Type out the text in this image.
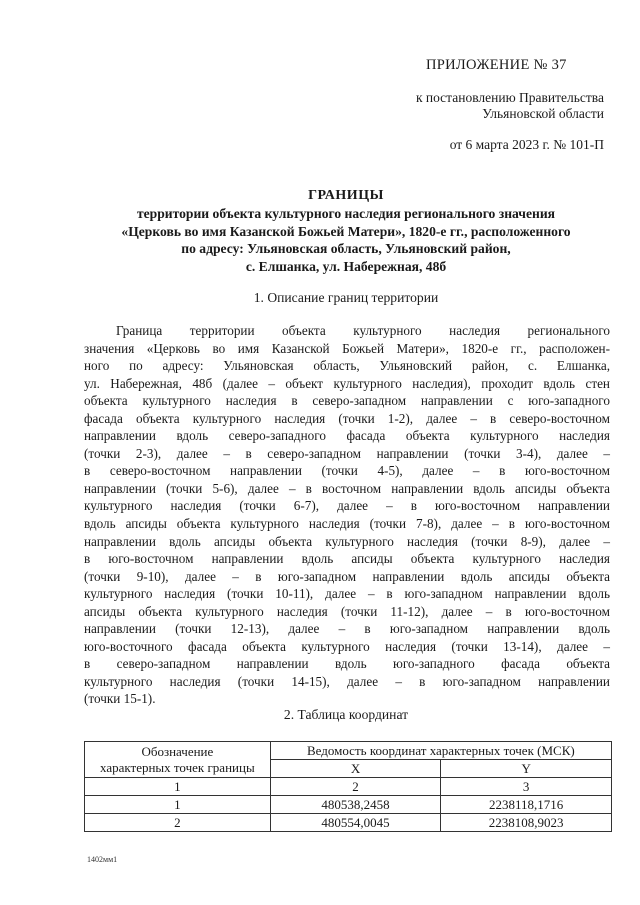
ПРИЛОЖЕНИЕ № 37
к постановлению Правительства
Ульяновской области
от 6 марта 2023 г. № 101-П
ГРАНИЦЫ
территории объекта культурного наследия регионального значения
«Церковь во имя Казанской Божьей Матери», 1820-е гг., расположенного
по адресу: Ульяновская область, Ульяновский район,
с. Елшанка, ул. Набережная, 48б
1. Описание границ территории
Граница территории объекта культурного наследия регионального
значения «Церковь во имя Казанской Божьей Матери», 1820-е гг., расположен-
ного по адресу: Ульяновская область, Ульяновский район, с. Елшанка,
ул. Набережная, 48б (далее – объект культурного наследия), проходит вдоль стен
объекта культурного наследия в северо-западном направлении с юго-западного
фасада объекта культурного наследия (точки 1-2), далее – в северо-восточном
направлении вдоль северо-западного фасада объекта культурного наследия
(точки 2-3), далее – в северо-западном направлении (точки 3-4), далее –
в северо-восточном направлении (точки 4-5), далее – в юго-восточном
направлении (точки 5-6), далее – в восточном направлении вдоль апсиды объекта
культурного наследия (точки 6-7), далее – в юго-восточном направлении
вдоль апсиды объекта культурного наследия (точки 7-8), далее – в юго-восточном
направлении вдоль апсиды объекта культурного наследия (точки 8-9), далее –
в юго-восточном направлении вдоль апсиды объекта культурного наследия
(точки 9-10), далее – в юго-западном направлении вдоль апсиды объекта
культурного наследия (точки 10-11), далее – в юго-западном направлении вдоль
апсиды объекта культурного наследия (точки 11-12), далее – в юго-восточном
направлении (точки 12-13), далее – в юго-западном направлении вдоль
юго-восточного фасада объекта культурного наследия (точки 13-14), далее –
в северо-западном направлении вдоль юго-западного фасада объекта
культурного наследия (точки 14-15), далее – в юго-западном направлении
(точки 15-1).
2. Таблица координат
Обозначение
характерных точек границы	Ведомость координат характерных точек (МСК)	
	X	Y
1	2	3
1	480538,2458	2238118,1716
2	480554,0045	2238108,9023
1402мм1
